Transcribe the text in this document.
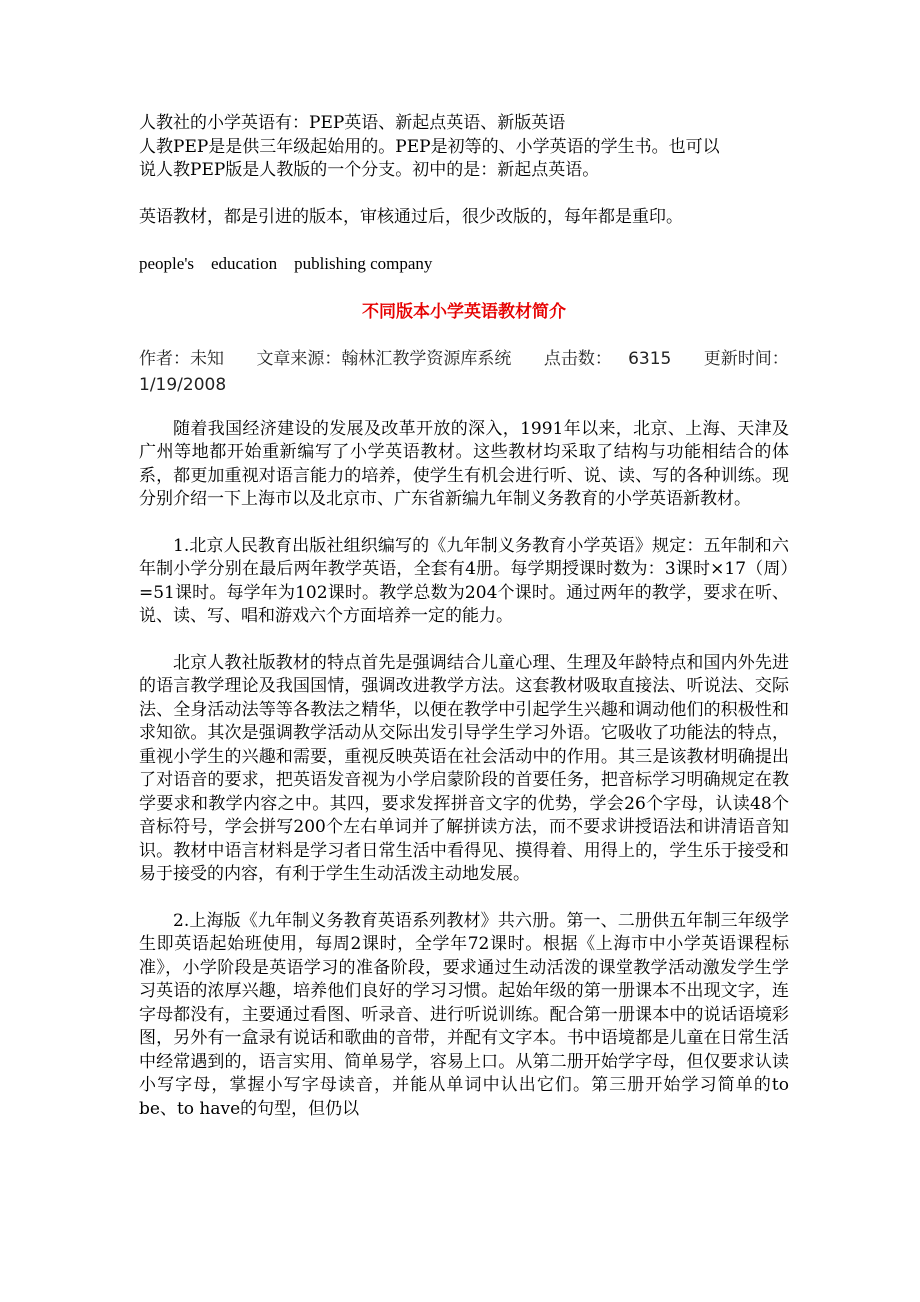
人教社的小学英语有：PEP英语、新起点英语、新版英语

人教PEP是是供三年级起始用的。PEP是初等的、小学英语的学生书。也可以

说人教PEP版是人教版的一个分支。初中的是：新起点英语。

英语教材，都是引进的版本，审核通过后，很少改版的，每年都是重印。

people's    education    publishing company

不同版本小学英语教材简介
作者：未知 文章来源：翰林汇教学资源库系统 点击数： 6315 更新时间：1/19/2008

随着我国经济建设的发展及改革开放的深入，1991年以来，北京、上海、天津及广州等地都开始重新编写了小学英语教材。这些教材均采取了结构与功能相结合的体系，都更加重视对语言能力的培养，使学生有机会进行听、说、读、写的各种训练。现分别介绍一下上海市以及北京市、广东省新编九年制义务教育的小学英语新教材。

1.北京人民教育出版社组织编写的《九年制义务教育小学英语》规定：五年制和六年制小学分别在最后两年教学英语，全套有4册。每学期授课时数为：3课时×17（周）=51课时。每学年为102课时。教学总数为204个课时。通过两年的教学，要求在听、说、读、写、唱和游戏六个方面培养一定的能力。

北京人教社版教材的特点首先是强调结合儿童心理、生理及年龄特点和国内外先进的语言教学理论及我国国情，强调改进教学方法。这套教材吸取直接法、听说法、交际法、全身活动法等等各教法之精华，以便在教学中引起学生兴趣和调动他们的积极性和求知欲。其次是强调教学活动从交际出发引导学生学习外语。它吸收了功能法的特点，重视小学生的兴趣和需要，重视反映英语在社会活动中的作用。其三是该教材明确提出了对语音的要求，把英语发音视为小学启蒙阶段的首要任务，把音标学习明确规定在教学要求和教学内容之中。其四，要求发挥拼音文字的优势，学会26个字母，认读48个音标符号，学会拼写200个左右单词并了解拼读方法，而不要求讲授语法和讲清语音知识。教材中语言材料是学习者日常生活中看得见、摸得着、用得上的，学生乐于接受和易于接受的内容，有利于学生生动活泼主动地发展。

2.上海版《九年制义务教育英语系列教材》共六册。第一、二册供五年制三年级学生即英语起始班使用，每周2课时，全学年72课时。根据《上海市中小学英语课程标准》，小学阶段是英语学习的准备阶段，要求通过生动活泼的课堂教学活动激发学生学习英语的浓厚兴趣，培养他们良好的学习习惯。起始年级的第一册课本不出现文字，连字母都没有，主要通过看图、听录音、进行听说训练。配合第一册课本中的说话语境彩图，另外有一盒录有说话和歌曲的音带，并配有文字本。书中语境都是儿童在日常生活中经常遇到的，语言实用、简单易学，容易上口。从第二册开始学字母，但仅要求认读小写字母，掌握小写字母读音，并能从单词中认出它们。第三册开始学习简单的to be、to have的句型，但仍以
